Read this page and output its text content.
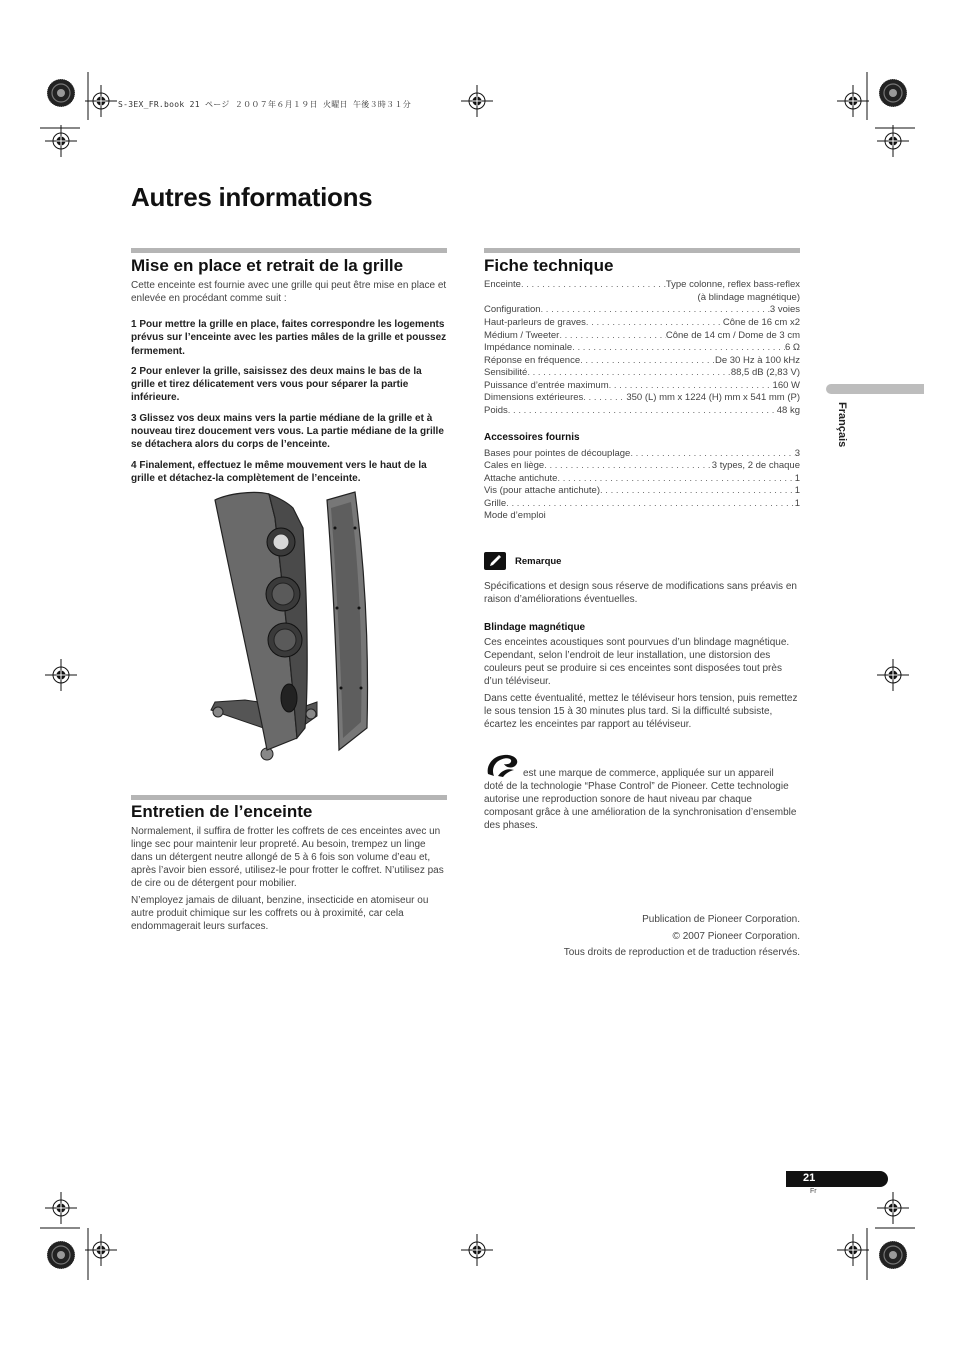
S-3EX_FR.book 21 ページ ２００７年６月１９日 火曜日 午後３時３１分
Autres informations
Mise en place et retrait de la grille

Cette enceinte est fournie avec une grille qui peut être mise en place et enlevée en procédant comme suit :

1 Pour mettre la grille en place, faites correspondre les logements prévus sur l’enceinte avec les parties mâles de la grille et poussez fermement.

2 Pour enlever la grille, saisissez des deux mains le bas de la grille et tirez délicatement vers vous pour séparer la partie inférieure.

3 Glissez vos deux mains vers la partie médiane de la grille et à nouveau tirez doucement vers vous. La partie médiane de la grille se détachera alors du corps de l’enceinte.

4 Finalement, effectuez le même mouvement vers le haut de la grille et détachez-la complètement de l’enceinte.

Entretien de l’enceinte

Normalement, il suffira de frotter les coffrets de ces enceintes avec un linge sec pour maintenir leur propreté. Au besoin, trempez un linge dans un détergent neutre allongé de 5 à 6 fois son volume d’eau et, après l’avoir bien essoré, utilisez-le pour frotter le coffret. N’utilisez pas de cire ou de détergent pour mobilier.

N’employez jamais de diluant, benzine, insecticide en atomiseur ou autre produit chimique sur les coffrets ou à proximité, car cela endommagerait leurs surfaces.

Fiche technique
Enceinte . . .	Type colonne, reflex bass-reflex
(à blindage magnétique)
Configuration . . .	3 voies
Haut-parleurs de graves . . .	Cône de 16 cm x2
Médium / Tweeter . . .	Cône de 14 cm / Dome de 3 cm
Impédance nominale . . .	6 Ω
Réponse en fréquence . . .	De 30 Hz à 100 kHz
Sensibilité . . .	88,5 dB (2,83 V)
Puissance d’entrée maximum . . .	160 W
Dimensions extérieures . . .	350 (L) mm x 1224 (H) mm x 541 mm (P)
Poids . . .	48 kg

Accessoires fournis

Bases pour pointes de découplage . . .	3
Cales en liège . . .	3 types, 2 de chaque
Attache antichute . . .	1
Vis (pour attache antichute) . . .	1
Grille . . .	1
Mode d’emploi

Remarque

Spécifications et design sous réserve de modifications sans préavis en raison d’améliorations éventuelles.

Blindage magnétique

Ces enceintes acoustiques sont pourvues d’un blindage magnétique. Cependant, selon l’endroit de leur installation, une distorsion des couleurs peut se produire si ces enceintes sont disposées tout près d’un téléviseur.

Dans cette éventualité, mettez le téléviseur hors tension, puis remettez le sous tension 15 à 30 minutes plus tard. Si la difficulté subsiste, écartez les enceintes par rapport au téléviseur.

est une marque de commerce, appliquée sur un appareil
doté de la technologie “Phase Control” de Pioneer. Cette technologie autorise une reproduction sonore de haut niveau par chaque composant grâce à une amélioration de la synchronisation d’ensemble des phases.
Publication de Pioneer Corporation.
© 2007 Pioneer Corporation.
Tous droits de reproduction et de traduction réservés.
Français
21
Fr
